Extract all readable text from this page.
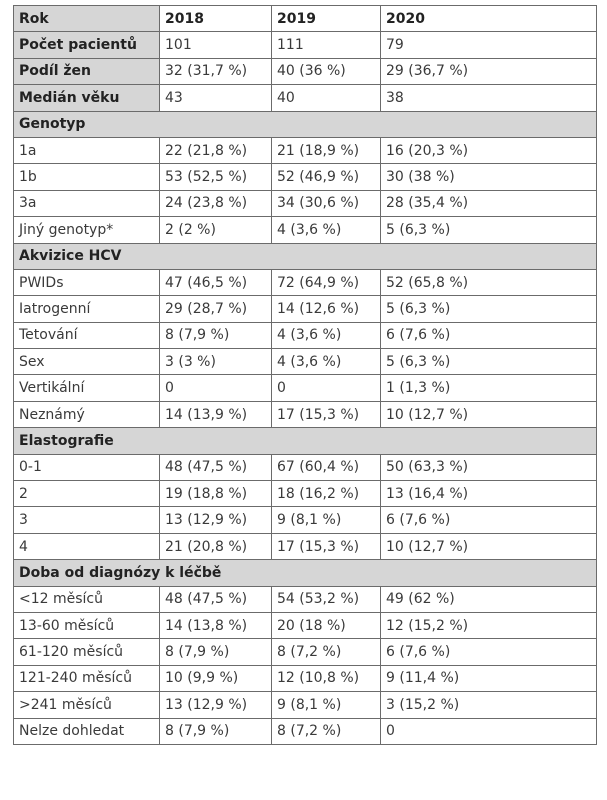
Rok	2018	2019	2020
Počet pacientů	101	111	79
Podíl žen	32 (31,7 %)	40 (36 %)	29 (36,7 %)
Medián věku	43	40	38
Genotyp			
1a	22 (21,8 %)	21 (18,9 %)	16 (20,3 %)
1b	53 (52,5 %)	52 (46,9 %)	30 (38 %)
3a	24 (23,8 %)	34 (30,6 %)	28 (35,4 %)
Jiný genotyp*	2 (2 %)	4 (3,6 %)	5 (6,3 %)
Akvizice HCV			
PWIDs	47 (46,5 %)	72 (64,9 %)	52 (65,8 %)
Iatrogenní	29 (28,7 %)	14 (12,6 %)	5 (6,3 %)
Tetování	8 (7,9 %)	4 (3,6 %)	6 (7,6 %)
Sex	3 (3 %)	4 (3,6 %)	5 (6,3 %)
Vertikální	0	0	1 (1,3 %)
Neznámý	14 (13,9 %)	17 (15,3 %)	10 (12,7 %)
Elastografie			
0-1	48 (47,5 %)	67 (60,4 %)	50 (63,3 %)
2	19 (18,8 %)	18 (16,2 %)	13 (16,4 %)
3	13 (12,9 %)	9 (8,1 %)	6 (7,6 %)
4	21 (20,8 %)	17 (15,3 %)	10 (12,7 %)
Doba od diagnózy k léčbě			
<12 měsíců	48 (47,5 %)	54 (53,2 %)	49 (62 %)
13-60 měsíců	14 (13,8 %)	20 (18 %)	12 (15,2 %)
61-120 měsíců	8 (7,9 %)	8 (7,2 %)	6 (7,6 %)
121-240 měsíců	10 (9,9 %)	12 (10,8 %)	9 (11,4 %)
>241 měsíců	13 (12,9 %)	9 (8,1 %)	3 (15,2 %)
Nelze dohledat	8 (7,9 %)	8 (7,2 %)	0
